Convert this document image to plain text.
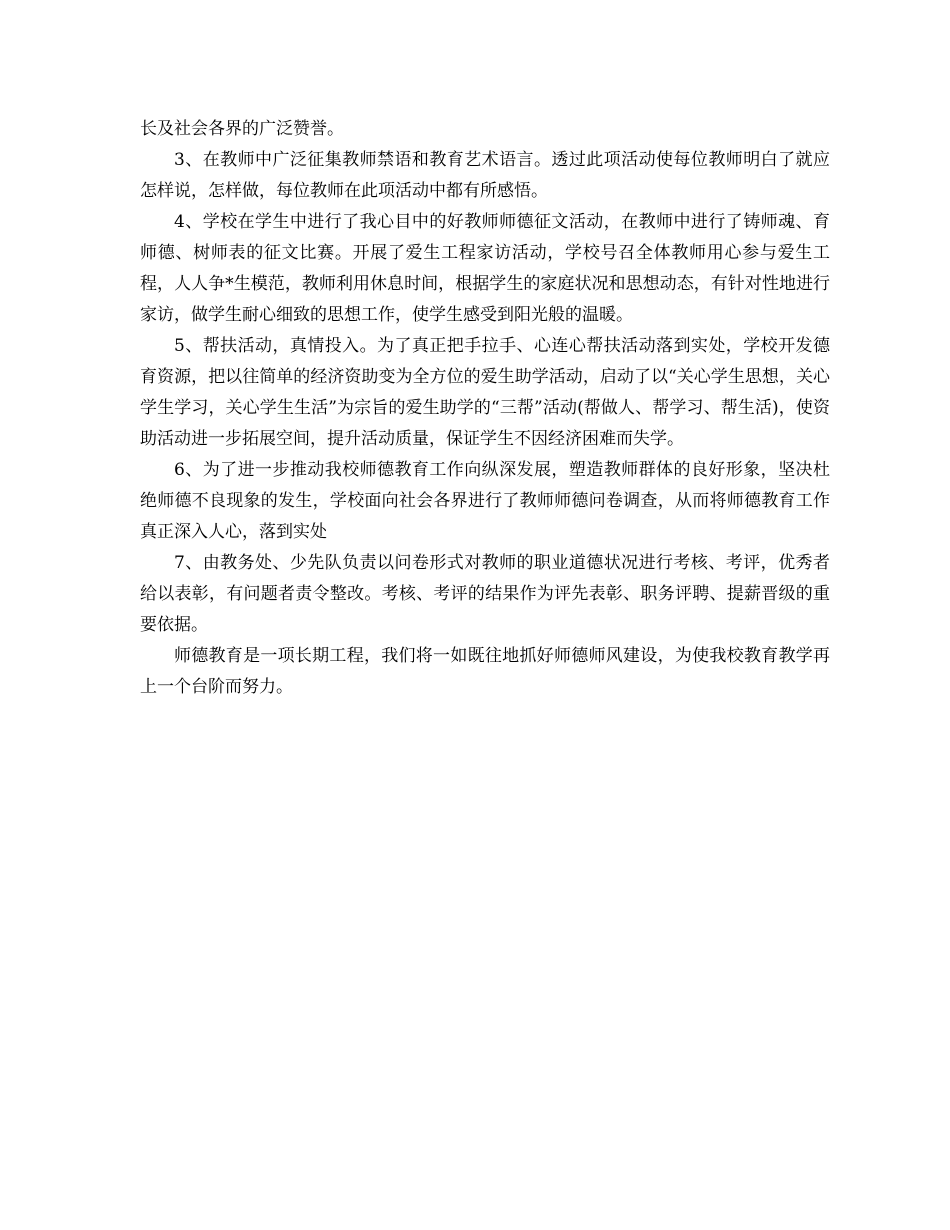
长及社会各界的广泛赞誉。

3、在教师中广泛征集教师禁语和教育艺术语言。透过此项活动使每位教师明白了就应怎样说，怎样做，每位教师在此项活动中都有所感悟。

4、学校在学生中进行了我心目中的好教师师德征文活动，在教师中进行了铸师魂、育师德、树师表的征文比赛。开展了爱生工程家访活动，学校号召全体教师用心参与爱生工程，人人争*生模范，教师利用休息时间，根据学生的家庭状况和思想动态，有针对性地进行家访，做学生耐心细致的思想工作，使学生感受到阳光般的温暖。

5、帮扶活动，真情投入。为了真正把手拉手、心连心帮扶活动落到实处，学校开发德育资源，把以往简单的经济资助变为全方位的爱生助学活动，启动了以“关心学生思想，关心学生学习，关心学生生活”为宗旨的爱生助学的“三帮”活动(帮做人、帮学习、帮生活)，使资助活动进一步拓展空间，提升活动质量，保证学生不因经济困难而失学。

6、为了进一步推动我校师德教育工作向纵深发展，塑造教师群体的良好形象，坚决杜绝师德不良现象的发生，学校面向社会各界进行了教师师德问卷调查，从而将师德教育工作真正深入人心，落到实处

7、由教务处、少先队负责以问卷形式对教师的职业道德状况进行考核、考评，优秀者给以表彰，有问题者责令整改。考核、考评的结果作为评先表彰、职务评聘、提薪晋级的重要依据。

师德教育是一项长期工程，我们将一如既往地抓好师德师风建设，为使我校教育教学再上一个台阶而努力。
